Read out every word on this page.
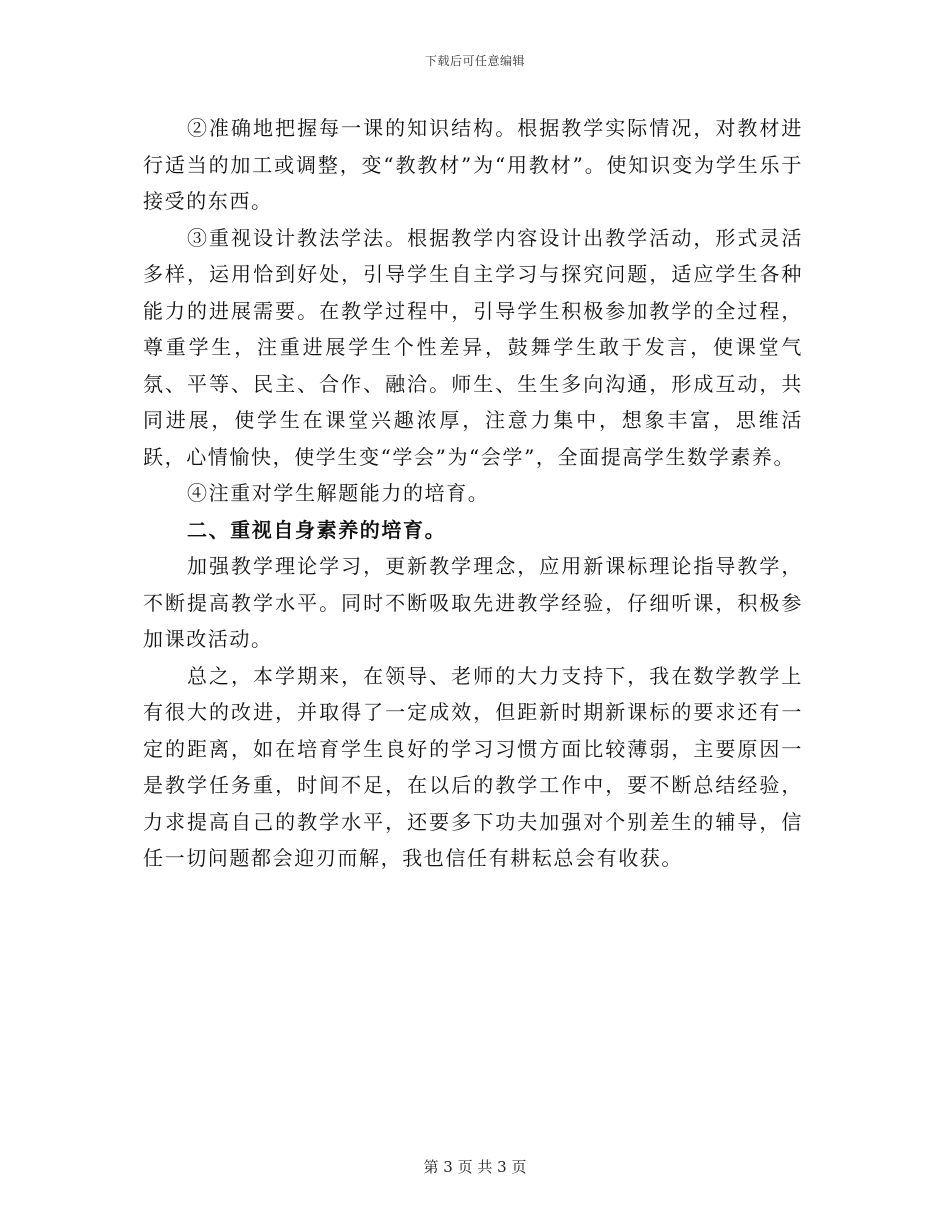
下载后可任意编辑

②准确地把握每一课的知识结构。根据教学实际情况，对教材进行适当的加工或调整，变“教教材”为“用教材”。使知识变为学生乐于接受的东西。

③重视设计教法学法。根据教学内容设计出教学活动，形式灵活多样，运用恰到好处，引导学生自主学习与探究问题，适应学生各种能力的进展需要。在教学过程中，引导学生积极参加教学的全过程，尊重学生，注重进展学生个性差异，鼓舞学生敢于发言，使课堂气氛、平等、民主、合作、融洽。师生、生生多向沟通，形成互动，共同进展，使学生在课堂兴趣浓厚，注意力集中，想象丰富，思维活跃，心情愉快，使学生变“学会”为“会学”，全面提高学生数学素养。

④注重对学生解题能力的培育。

二、重视自身素养的培育。

加强教学理论学习，更新教学理念，应用新课标理论指导教学，不断提高教学水平。同时不断吸取先进教学经验，仔细听课，积极参加课改活动。

总之，本学期来，在领导、老师的大力支持下，我在数学教学上有很大的改进，并取得了一定成效，但距新时期新课标的要求还有一定的距离，如在培育学生良好的学习习惯方面比较薄弱，主要原因一是教学任务重，时间不足，在以后的教学工作中，要不断总结经验，力求提高自己的教学水平，还要多下功夫加强对个别差生的辅导，信任一切问题都会迎刃而解，我也信任有耕耘总会有收获。

第 3 页 共 3 页
